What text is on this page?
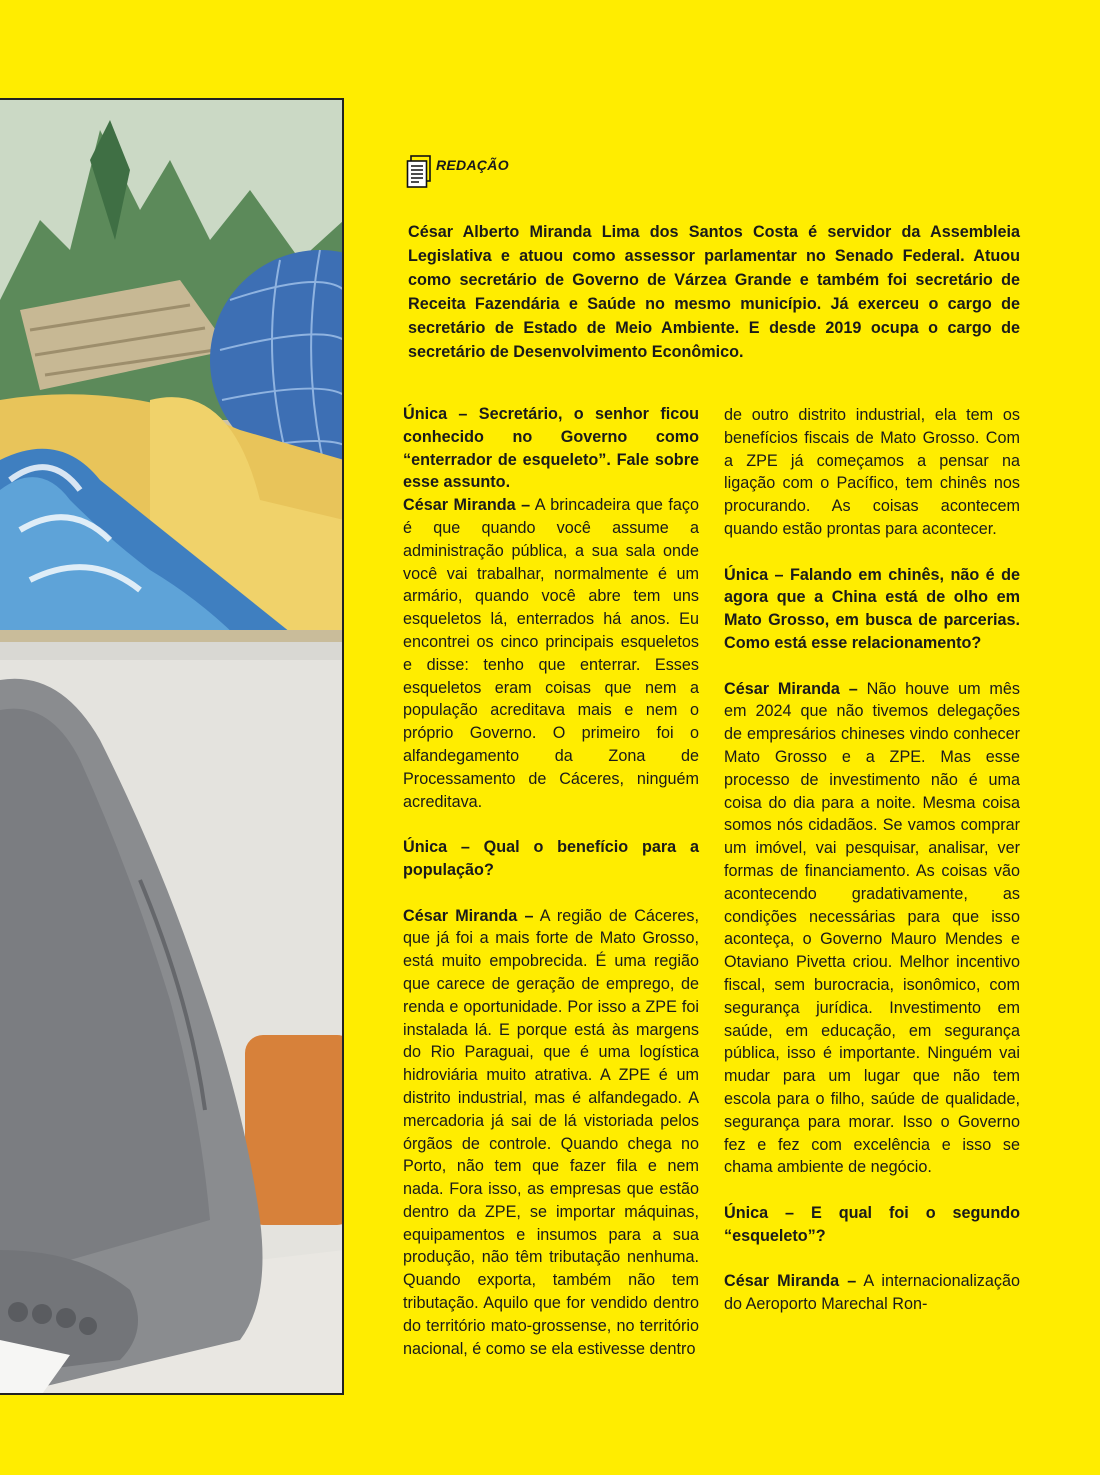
REDAÇÃO

César Alberto Miranda Lima dos Santos Costa é servidor da Assembleia Legislativa e atuou como assessor parlamentar no Senado Federal. Atuou como secretário de Governo de Várzea Grande e também foi secretário de Receita Fazendária e Saúde no mesmo município. Já exerceu o cargo de secretário de Estado de Meio Ambiente. E desde 2019 ocupa o cargo de secretário de Desenvolvimento Econômico.

Única – Secretário, o senhor ficou conhecido no Governo como “enterrador de esqueleto”. Fale sobre esse assunto.

César Miranda – A brincadeira que faço é que quando você assume a administração pública, a sua sala onde você vai trabalhar, normalmente é um armário, quando você abre tem uns esqueletos lá, enterrados há anos. Eu encontrei os cinco principais esqueletos e disse: tenho que enterrar. Esses esqueletos eram coisas que nem a população acreditava mais e nem o próprio Governo. O primeiro foi o alfandegamento da Zona de Processamento de Cáceres, ninguém acreditava.

Única – Qual o benefício para a população?

César Miranda – A região de Cáceres, que já foi a mais forte de Mato Grosso, está muito empobrecida. É uma região que carece de geração de emprego, de renda e oportunidade. Por isso a ZPE foi instalada lá. E porque está às margens do Rio Paraguai, que é uma logística hidroviária muito atrativa. A ZPE é um distrito industrial, mas é alfandegado. A mercadoria já sai de lá vistoriada pelos órgãos de controle. Quando chega no Porto, não tem que fazer fila e nem nada. Fora isso, as empresas que estão dentro da ZPE, se importar máquinas, equipamentos e insumos para a sua produção, não têm tributação nenhuma. Quando exporta, também não tem tributação. Aquilo que for vendido dentro do território mato-grossense, no território nacional, é como se ela estivesse dentro

de outro distrito industrial, ela tem os benefícios fiscais de Mato Grosso. Com a ZPE já começamos a pensar na ligação com o Pacífico, tem chinês nos procurando. As coisas acontecem quando estão prontas para acontecer.

Única – Falando em chinês, não é de agora que a China está de olho em Mato Grosso, em busca de parcerias. Como está esse relacionamento?

César Miranda – Não houve um mês em 2024 que não tivemos delegações de empresários chineses vindo conhecer Mato Grosso e a ZPE. Mas esse processo de investimento não é uma coisa do dia para a noite. Mesma coisa somos nós cidadãos. Se vamos comprar um imóvel, vai pesquisar, analisar, ver formas de financiamento. As coisas vão acontecendo gradativamente, as condições necessárias para que isso aconteça, o Governo Mauro Mendes e Otaviano Pivetta criou. Melhor incentivo fiscal, sem burocracia, isonômico, com segurança jurídica. Investimento em saúde, em educação, em segurança pública, isso é importante. Ninguém vai mudar para um lugar que não tem escola para o filho, saúde de qualidade, segurança para morar. Isso o Governo fez e fez com excelência e isso se chama ambiente de negócio.

Única – E qual foi o segundo “esqueleto”?

César Miranda – A internacionalização do Aeroporto Marechal Ron-
